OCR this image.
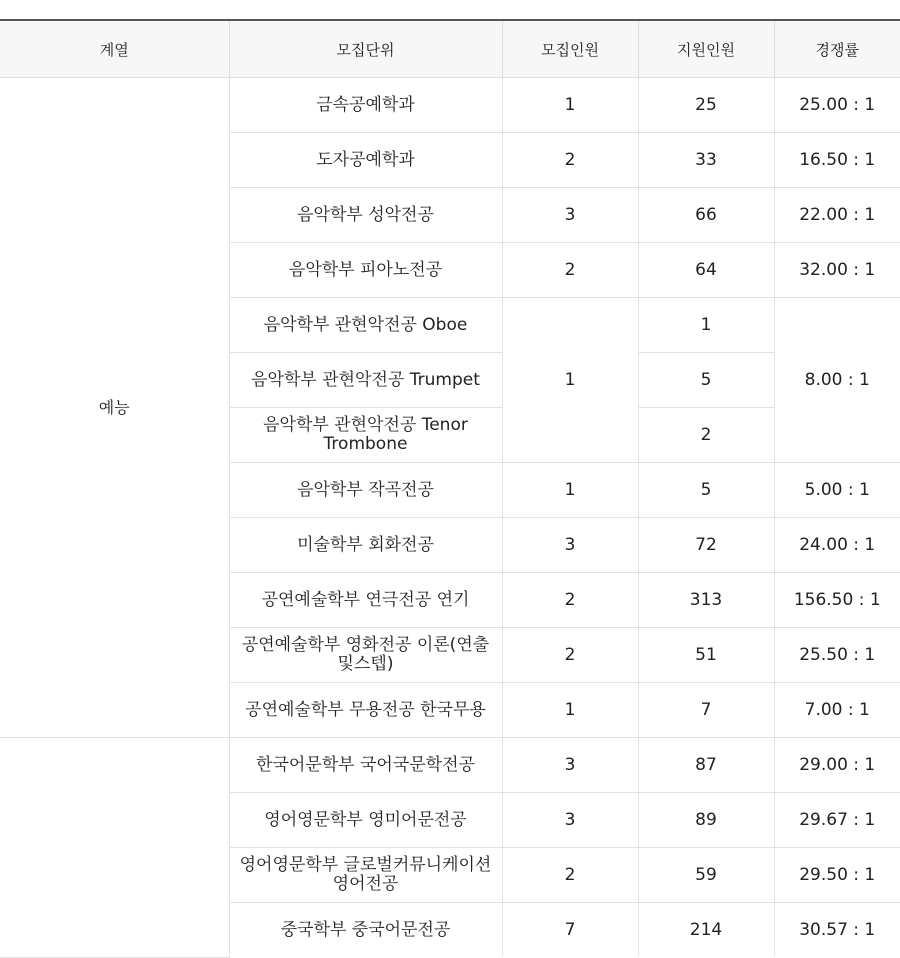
계열	모집단위	모집인원	지원인원	경쟁률
예능	금속공예학과	1	25	25.00 : 1
	도자공예학과	2	33	16.50 : 1
	음악학부 성악전공	3	66	22.00 : 1
	음악학부 피아노전공	2	64	32.00 : 1
	음악학부 관현악전공 Oboe	1	1	8.00 : 1
	음악학부 관현악전공 Trumpet		5	
	음악학부 관현악전공 Tenor Trombone		2	
	음악학부 작곡전공	1	5	5.00 : 1
	미술학부 회화전공	3	72	24.00 : 1
	공연예술학부 연극전공 연기	2	313	156.50 : 1
	공연예술학부 영화전공 이론(연출 및스텝)	2	51	25.50 : 1
	공연예술학부 무용전공 한국무용	1	7	7.00 : 1
	한국어문학부 국어국문학전공	3	87	29.00 : 1
	영어영문학부 영미어문전공	3	89	29.67 : 1
	영어영문학부 글로벌커뮤니케이션 영어전공	2	59	29.50 : 1
	중국학부 중국어문전공	7	214	30.57 : 1
